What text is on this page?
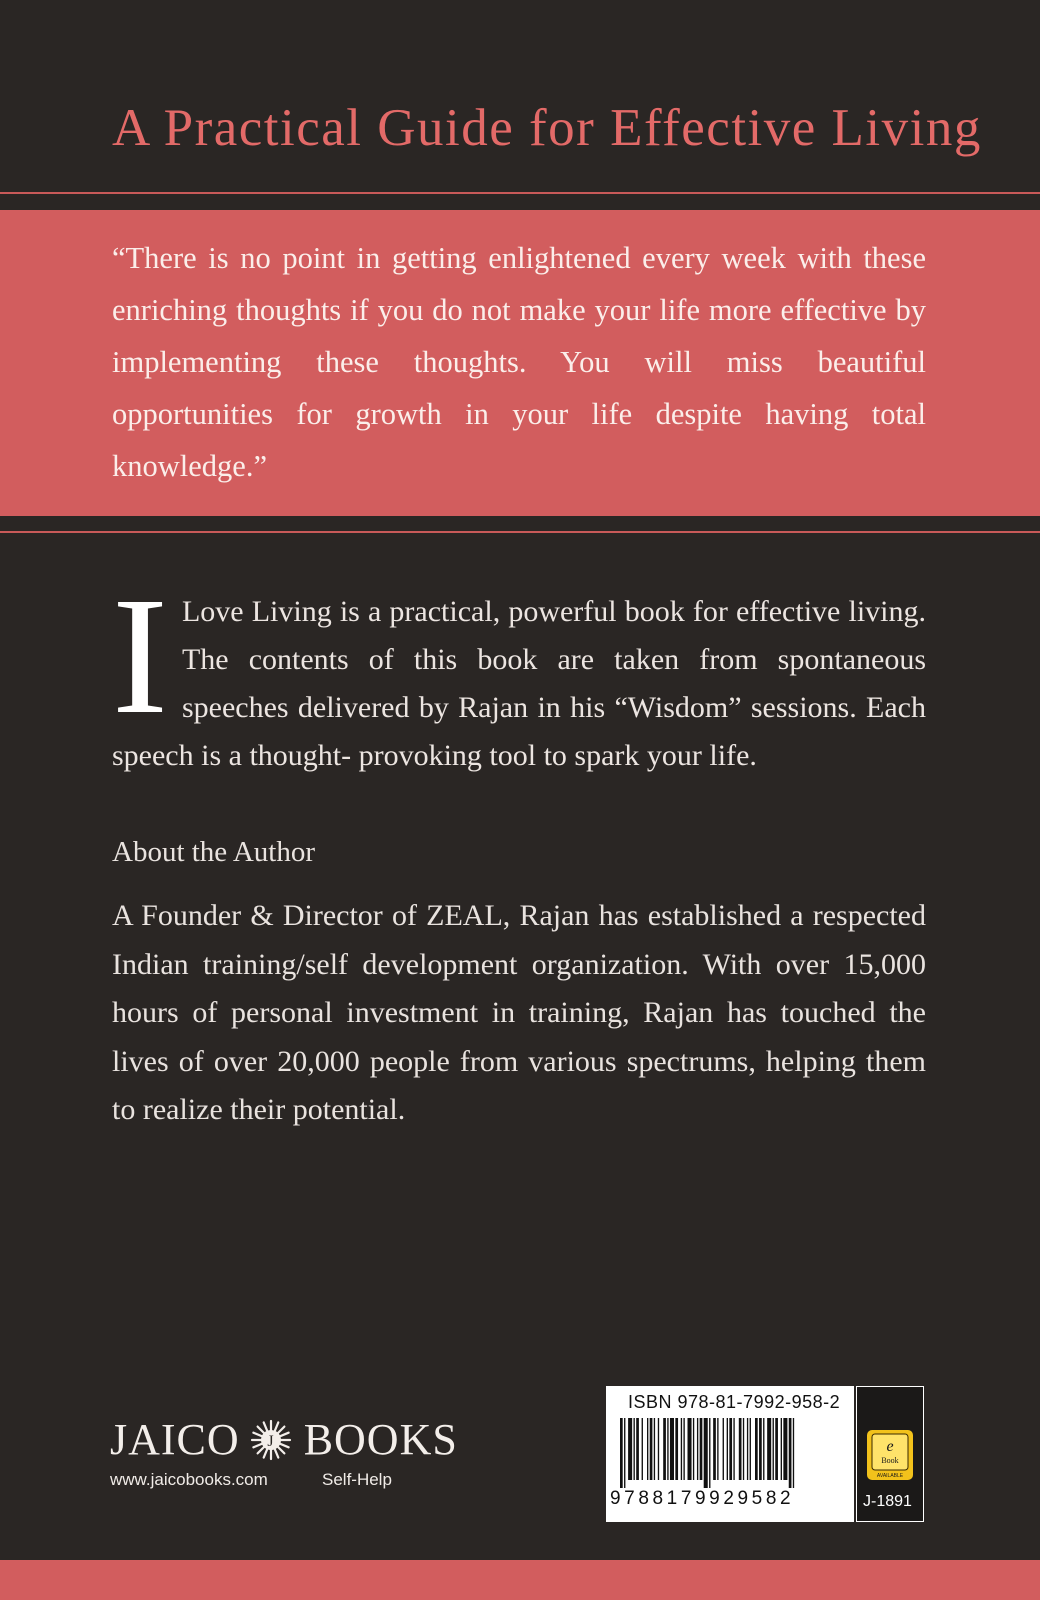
A Practical Guide for Effective Living
“There is no point in getting enlightened every week with these enriching thoughts if you do not make your life more effective by implementing these thoughts. You will miss beautiful opportunities for growth in your life despite having total knowledge.”
I Love Living is a practical, powerful book for effective living. The contents of this book are taken from spontaneous speeches delivered by Rajan in his “Wisdom” sessions. Each speech is a thought- provoking tool to spark your life.
About the Author
A Founder & Director of ZEAL, Rajan has established a respected Indian training/self development organization. With over 15,000 hours of personal investment in training, Rajan has touched the lives of over 20,000 people from various spectrums, helping them to realize their potential.
JAICO J BOOKS
www.jaicobooks.com	Self-Help
ISBN 978-81-7992-958-2
9788179929582
e
Book
AVAILABLE
J-1891
